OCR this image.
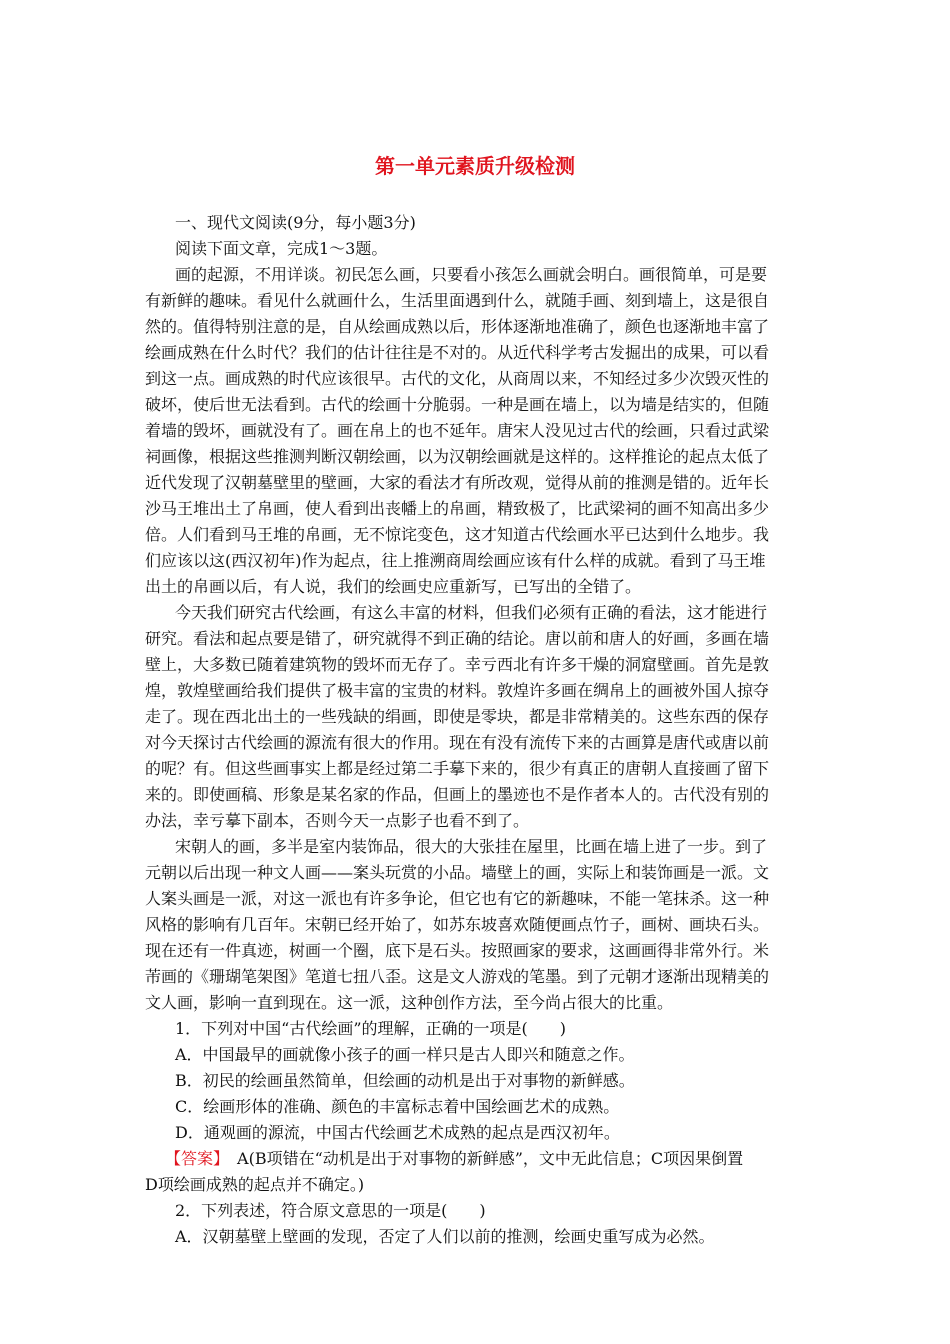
第一单元素质升级检测
一、现代文阅读(9分，每小题3分)
阅读下面文章，完成1～3题。
画的起源，不用详谈。初民怎么画，只要看小孩怎么画就会明白。画很简单，可是要
有新鲜的趣味。看见什么就画什么，生活里面遇到什么，就随手画、刻到墙上，这是很自
然的。值得特别注意的是，自从绘画成熟以后，形体逐渐地准确了，颜色也逐渐地丰富了
绘画成熟在什么时代？我们的估计往往是不对的。从近代科学考古发掘出的成果，可以看
到这一点。画成熟的时代应该很早。古代的文化，从商周以来，不知经过多少次毁灭性的
破坏，使后世无法看到。古代的绘画十分脆弱。一种是画在墙上，以为墙是结实的，但随
着墙的毁坏，画就没有了。画在帛上的也不延年。唐宋人没见过古代的绘画，只看过武梁
祠画像，根据这些推测判断汉朝绘画，以为汉朝绘画就是这样的。这样推论的起点太低了
近代发现了汉朝墓壁里的壁画，大家的看法才有所改观，觉得从前的推测是错的。近年长
沙马王堆出土了帛画，使人看到出丧幡上的帛画，精致极了，比武梁祠的画不知高出多少
倍。人们看到马王堆的帛画，无不惊诧变色，这才知道古代绘画水平已达到什么地步。我
们应该以这(西汉初年)作为起点，往上推溯商周绘画应该有什么样的成就。看到了马王堆
出土的帛画以后，有人说，我们的绘画史应重新写，已写出的全错了。
今天我们研究古代绘画，有这么丰富的材料，但我们必须有正确的看法，这才能进行
研究。看法和起点要是错了，研究就得不到正确的结论。唐以前和唐人的好画，多画在墙
壁上，大多数已随着建筑物的毁坏而无存了。幸亏西北有许多干燥的洞窟壁画。首先是敦
煌，敦煌壁画给我们提供了极丰富的宝贵的材料。敦煌许多画在绸帛上的画被外国人掠夺
走了。现在西北出土的一些残缺的绢画，即使是零块，都是非常精美的。这些东西的保存
对今天探讨古代绘画的源流有很大的作用。现在有没有流传下来的古画算是唐代或唐以前
的呢？有。但这些画事实上都是经过第二手摹下来的，很少有真正的唐朝人直接画了留下
来的。即使画稿、形象是某名家的作品，但画上的墨迹也不是作者本人的。古代没有别的
办法，幸亏摹下副本，否则今天一点影子也看不到了。
宋朝人的画，多半是室内装饰品，很大的大张挂在屋里，比画在墙上进了一步。到了
元朝以后出现一种文人画——案头玩赏的小品。墙壁上的画，实际上和装饰画是一派。文
人案头画是一派，对这一派也有许多争论，但它也有它的新趣味，不能一笔抹杀。这一种
风格的影响有几百年。宋朝已经开始了，如苏东坡喜欢随便画点竹子，画树、画块石头。
现在还有一件真迹，树画一个圈，底下是石头。按照画家的要求，这画画得非常外行。米
芾画的《珊瑚笔架图》笔道七扭八歪。这是文人游戏的笔墨。到了元朝才逐渐出现精美的
文人画，影响一直到现在。这一派，这种创作方法，至今尚占很大的比重。
1．下列对中国“古代绘画”的理解，正确的一项是(　　)
A．中国最早的画就像小孩子的画一样只是古人即兴和随意之作。
B．初民的绘画虽然简单，但绘画的动机是出于对事物的新鲜感。
C．绘画形体的准确、颜色的丰富标志着中国绘画艺术的成熟。
D．通观画的源流，中国古代绘画艺术成熟的起点是西汉初年。
【答案】　A(B项错在“动机是出于对事物的新鲜感”，文中无此信息；C项因果倒置
D项绘画成熟的起点并不确定。)
2．下列表述，符合原文意思的一项是(　　)
A．汉朝墓壁上壁画的发现，否定了人们以前的推测，绘画史重写成为必然。
